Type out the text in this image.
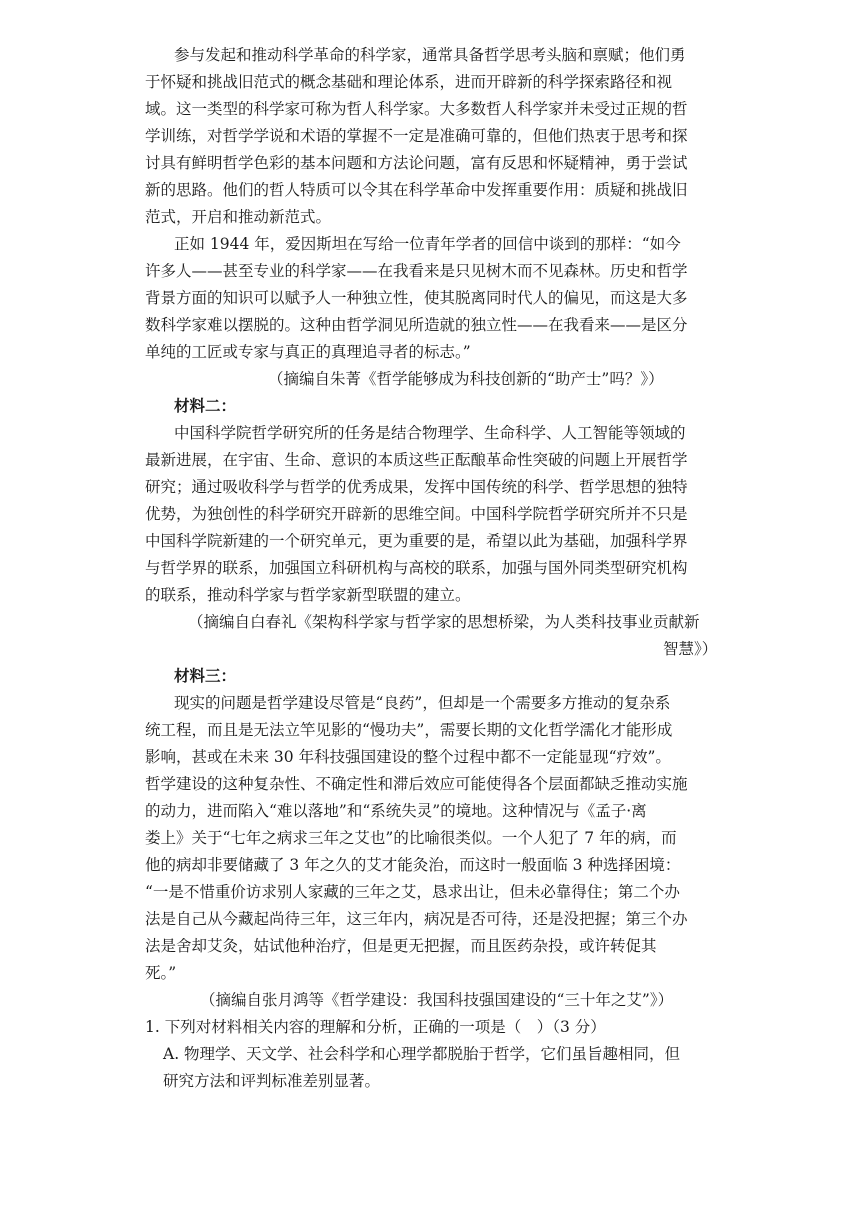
参与发起和推动科学革命的科学家，通常具备哲学思考头脑和禀赋；他们勇
于怀疑和挑战旧范式的概念基础和理论体系，进而开辟新的科学探索路径和视
域。这一类型的科学家可称为哲人科学家。大多数哲人科学家并未受过正规的哲
学训练，对哲学学说和术语的掌握不一定是准确可靠的，但他们热衷于思考和探
讨具有鲜明哲学色彩的基本问题和方法论问题，富有反思和怀疑精神，勇于尝试
新的思路。他们的哲人特质可以令其在科学革命中发挥重要作用：质疑和挑战旧
范式，开启和推动新范式。
正如 1944 年，爱因斯坦在写给一位青年学者的回信中谈到的那样：“如今
许多人——甚至专业的科学家——在我看来是只见树木而不见森林。历史和哲学
背景方面的知识可以赋予人一种独立性，使其脱离同时代人的偏见，而这是大多
数科学家难以摆脱的。这种由哲学洞见所造就的独立性——在我看来——是区分
单纯的工匠或专家与真正的真理追寻者的标志。”
（摘编自朱菁《哲学能够成为科技创新的“助产士”吗？》）
材料二：
中国科学院哲学研究所的任务是结合物理学、生命科学、人工智能等领域的
最新进展，在宇宙、生命、意识的本质这些正酝酿革命性突破的问题上开展哲学
研究；通过吸收科学与哲学的优秀成果，发挥中国传统的科学、哲学思想的独特
优势，为独创性的科学研究开辟新的思维空间。中国科学院哲学研究所并不只是
中国科学院新建的一个研究单元，更为重要的是，希望以此为基础，加强科学界
与哲学界的联系，加强国立科研机构与高校的联系，加强与国外同类型研究机构
的联系，推动科学家与哲学家新型联盟的建立。
（摘编自白春礼《架构科学家与哲学家的思想桥梁，为人类科技事业贡献新
智慧》）
材料三：
现实的问题是哲学建设尽管是“良药”，但却是一个需要多方推动的复杂系
统工程，而且是无法立竿见影的“慢功夫”，需要长期的文化哲学濡化才能形成
影响，甚或在未来 30 年科技强国建设的整个过程中都不一定能显现“疗效”。
哲学建设的这种复杂性、不确定性和滞后效应可能使得各个层面都缺乏推动实施
的动力，进而陷入“难以落地”和“系统失灵”的境地。这种情况与《孟子·离
娄上》关于“七年之病求三年之艾也”的比喻很类似。一个人犯了 7 年的病，而
他的病却非要储藏了 3 年之久的艾才能灸治，而这时一般面临 3 种选择困境：
“一是不惜重价访求别人家藏的三年之艾，恳求出让，但未必靠得住；第二个办
法是自己从今藏起尚待三年，这三年内，病况是否可待，还是没把握；第三个办
法是舍却艾灸，姑试他种治疗，但是更无把握，而且医药杂投，或许转促其
死。”
（摘编自张月鸿等《哲学建设：我国科技强国建设的“三十年之艾”》）
1. 下列对材料相关内容的理解和分析，正确的一项是（　）（3 分）
A. 物理学、天文学、社会科学和心理学都脱胎于哲学，它们虽旨趣相同，但
研究方法和评判标准差别显著。
